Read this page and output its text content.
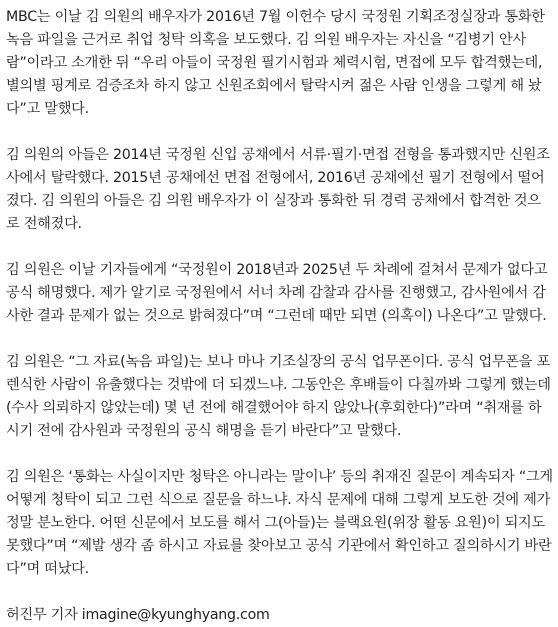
MBC는 이날 김 의원의 배우자가 2016년 7월 이헌수 당시 국정원 기획조정실장과 통화한 녹음 파일을 근거로 취업 청탁 의혹을 보도했다. 김 의원 배우자는 자신을 “김병기 안사람”이라고 소개한 뒤 “우리 아들이 국정원 필기시험과 체력시험, 면접에 모두 합격했는데, 별의별 핑계로 검증조차 하지 않고 신원조회에서 탈락시켜 젊은 사람 인생을 그렇게 해 놨다”고 말했다.

김 의원의 아들은 2014년 국정원 신입 공채에서 서류·필기·면접 전형을 통과했지만 신원조사에서 탈락했다. 2015년 공채에선 면접 전형에서, 2016년 공채에선 필기 전형에서 떨어졌다. 김 의원의 아들은 김 의원 배우자가 이 실장과 통화한 뒤 경력 공채에서 합격한 것으로 전해졌다.

김 의원은 이날 기자들에게 “국정원이 2018년과 2025년 두 차례에 걸쳐서 문제가 없다고 공식 해명했다. 제가 알기로 국정원에서 서너 차례 감찰과 감사를 진행했고, 감사원에서 감사한 결과 문제가 없는 것으로 밝혀졌다”며 “그런데 때만 되면 (의혹이) 나온다”고 말했다.

김 의원은 “그 자료(녹음 파일)는 보나 마나 기조실장의 공식 업무폰이다. 공식 업무폰을 포렌식한 사람이 유출했다는 것밖에 더 되겠느냐. 그동안은 후배들이 다칠까봐 그렇게 했는데 (수사 의뢰하지 않았는데) 몇 년 전에 해결했어야 하지 않았나(후회한다)”라며 “취재를 하시기 전에 감사원과 국정원의 공식 해명을 듣기 바란다”고 말했다.

김 의원은 ‘통화는 사실이지만 청탁은 아니라는 말이냐’ 등의 취재진 질문이 계속되자 “그게 어떻게 청탁이 되고 그런 식으로 질문을 하느냐. 자식 문제에 대해 그렇게 보도한 것에 제가 정말 분노한다. 어떤 신문에서 보도를 해서 그(아들)는 블랙요원(위장 활동 요원)이 되지도 못했다”며 “제발 생각 좀 하시고 자료를 찾아보고 공식 기관에서 확인하고 질의하시기 바란다”며 떠났다.

허진무 기자 imagine@kyunghyang.com
